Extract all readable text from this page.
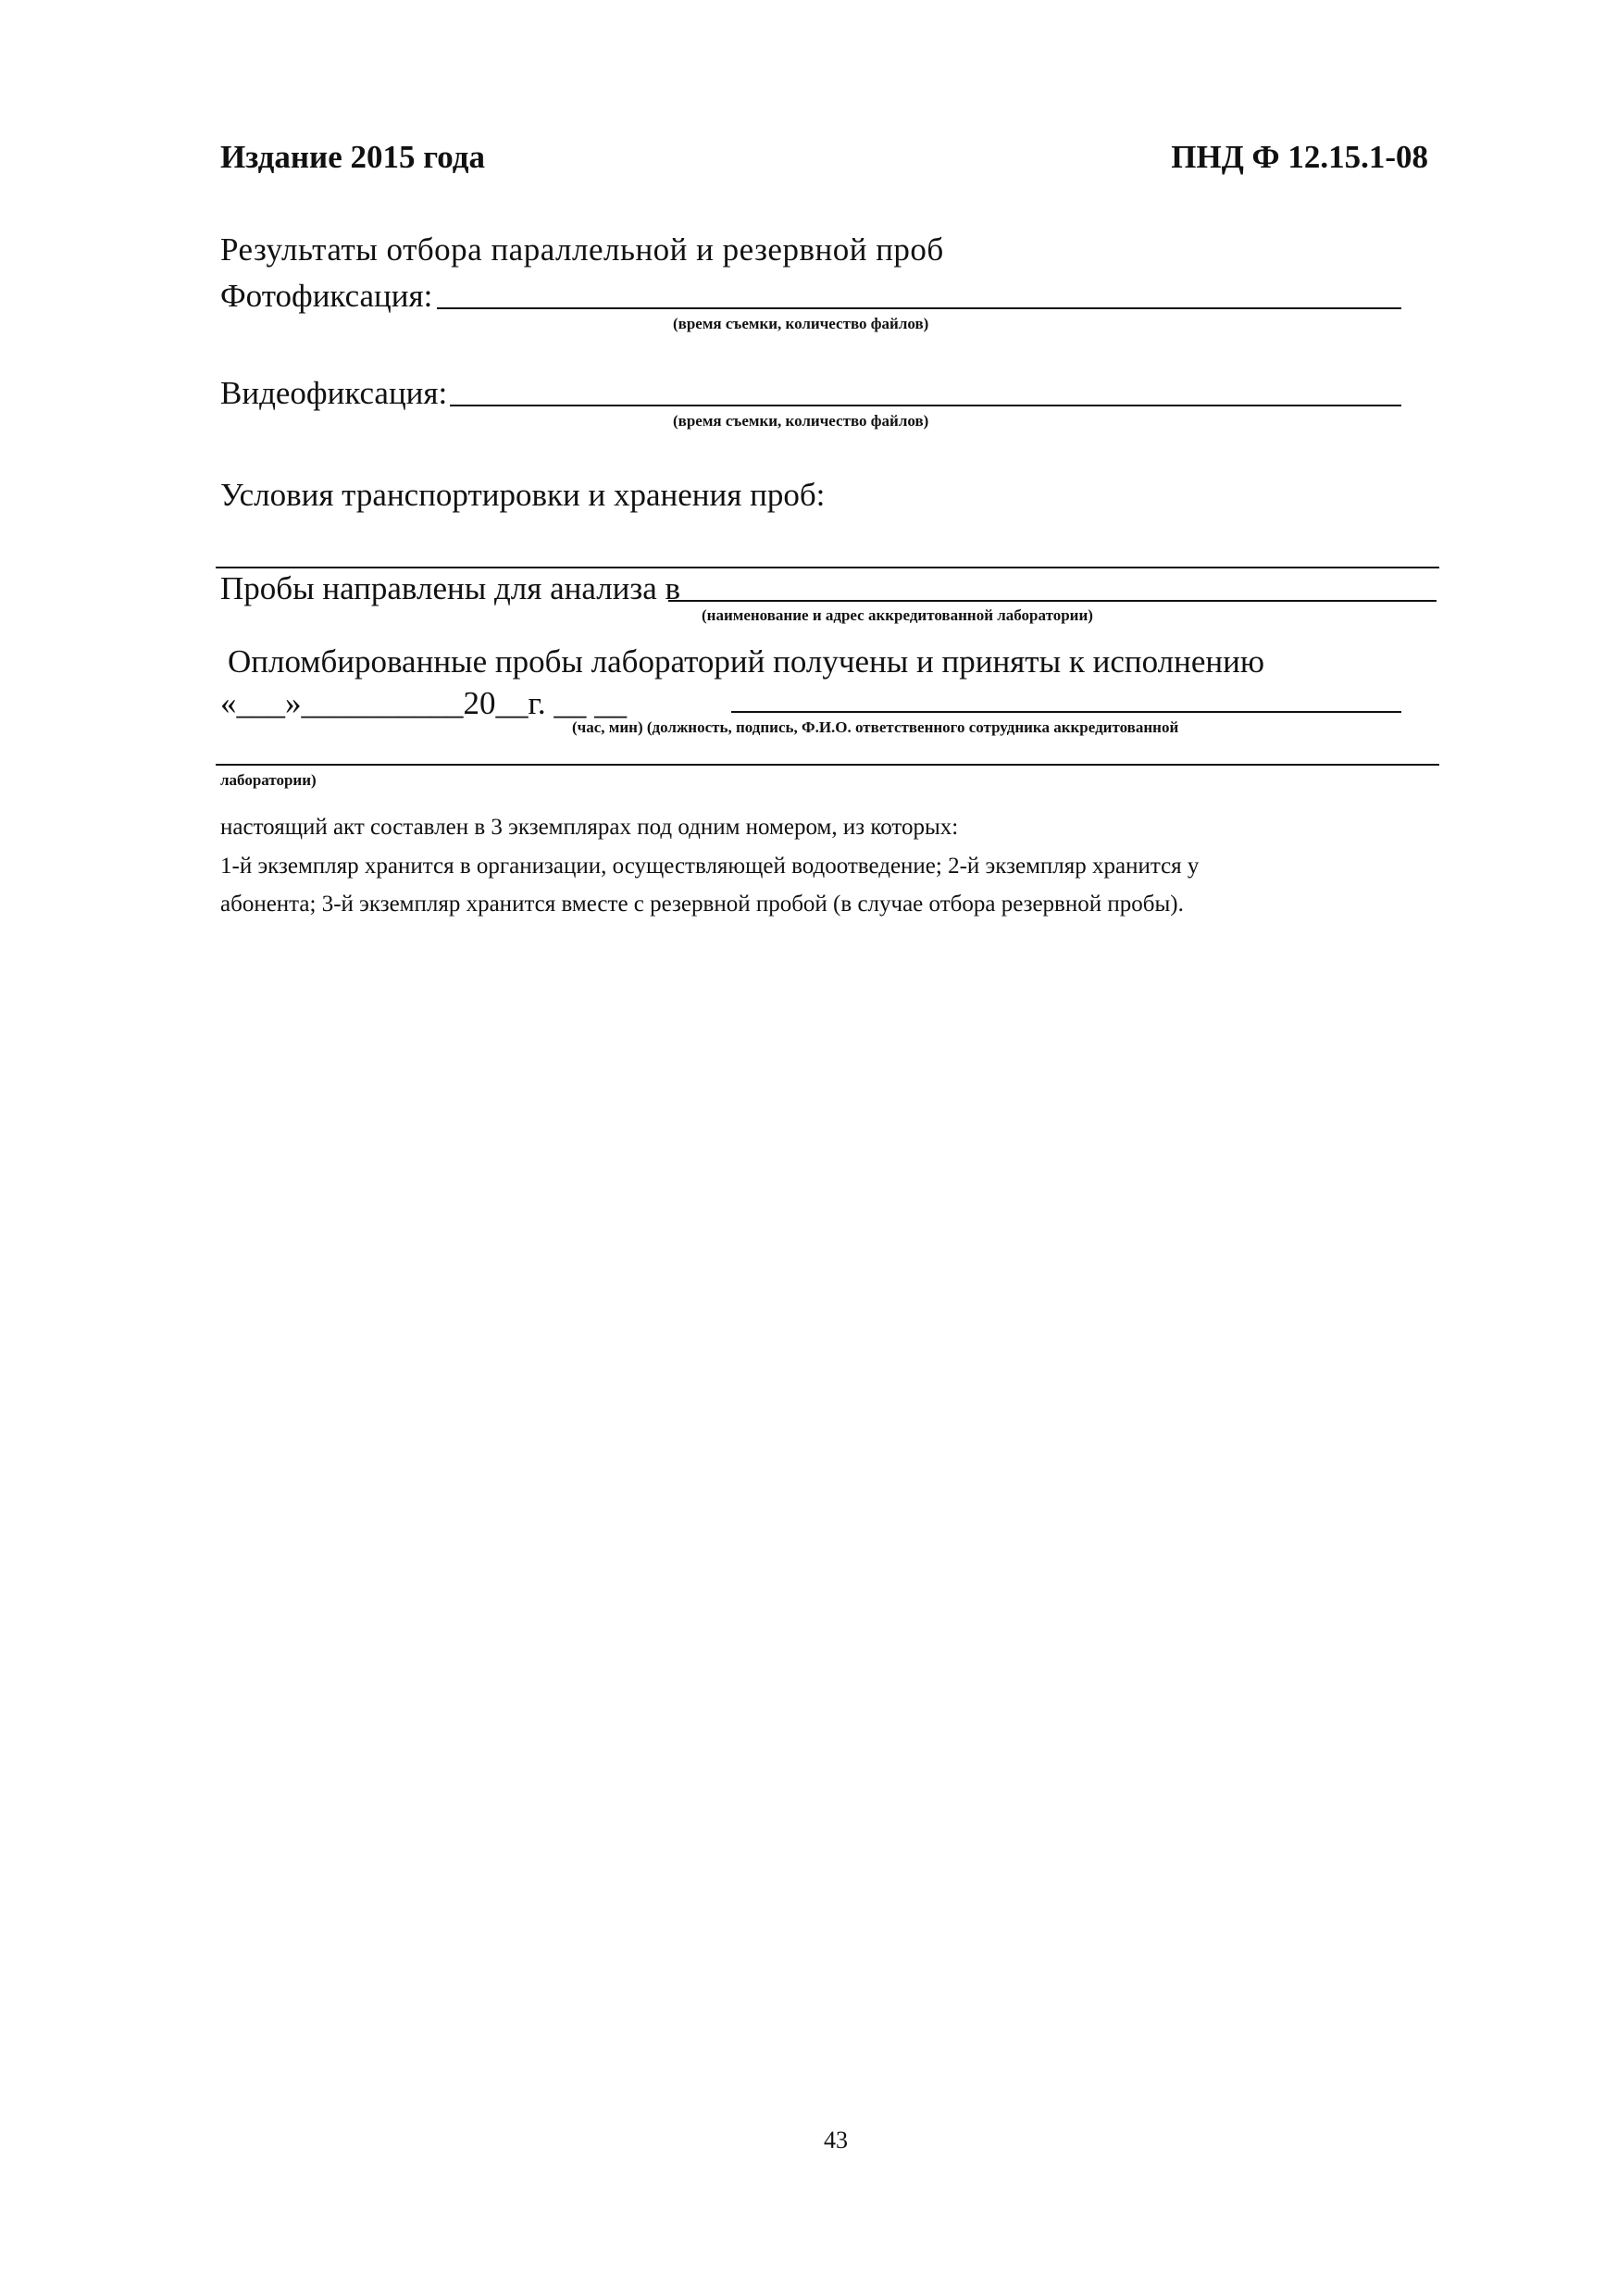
Издание 2015 года	ПНД Ф 12.15.1-08
Результаты отбора параллельной и резервной проб
Фотофиксация:
(время съемки, количество файлов)
Видеофиксация:
(время съемки, количество файлов)
Условия транспортировки и хранения проб:
Пробы направлены для анализа в
(наименование и адрес аккредитованной лаборатории)
Опломбированные пробы лабораторий получены и приняты к исполнению
«___»__________20__г. __ __
(час, мин) (должность, подпись, Ф.И.О. ответственного сотрудника аккредитованной
лаборатории)
настоящий акт составлен в 3 экземплярах под одним номером, из которых:
1-й экземпляр хранится в организации, осуществляющей водоотведение; 2-й экземпляр хранится у
абонента; 3-й экземпляр хранится вместе с резервной пробой (в случае отбора резервной пробы).
43
